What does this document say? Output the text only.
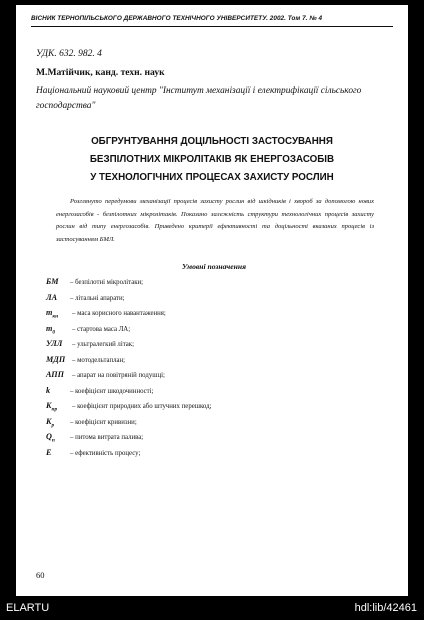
ВІСНИК ТЕРНОПІЛЬСЬКОГО ДЕРЖАВНОГО ТЕХНІЧНОГО УНІВЕРСИТЕТУ. 2002. Том 7. № 4
УДК. 632. 982. 4
М.Матійчик, канд. техн. наук
Національний науковий центр "Інститут механізації і електрифікації сільського господарства"
ОБГРУНТУВАННЯ ДОЦІЛЬНОСТІ ЗАСТОСУВАННЯ
БЕЗПІЛОТНИХ МІКРОЛІТАКІВ ЯК ЕНЕРГОЗАСОБІВ
У ТЕХНОЛОГІЧНИХ ПРОЦЕСАХ ЗАХИСТУ РОСЛИН
Розглянуто передумови механізації процесів захисту рослин від шкідників і хвороб за допомогою нових енергозасобів - безпілотних мікролітаків. Показано залежність структури технологічних процесів захисту рослин від типу енергозасобів. Приведено критерії ефективності та доцільності вказаних процесів із застосуванням БМЛ.
Умовні позначення
БМ – безпілотні мікролітаки;
ЛА – літальні апарати;
$m_{кн}$ – маса корисного навантаження;
$m_0$ – стартова маса ЛА;
УЛЛ – ультралегкий літак;
МДП – мотодельтаплан;
АПП – апарат на повітряній подушці;
k	– коефіцієнт шкодочинності;
$K_{пр}$ – коефіцієнт природних або штучних перешкод;
$K_р$ – коефіцієнт кривизни;
$Q_п$ – питома витрата палива;
E	– ефективність процесу;
60
ELARTU	hdl:lib/42461
